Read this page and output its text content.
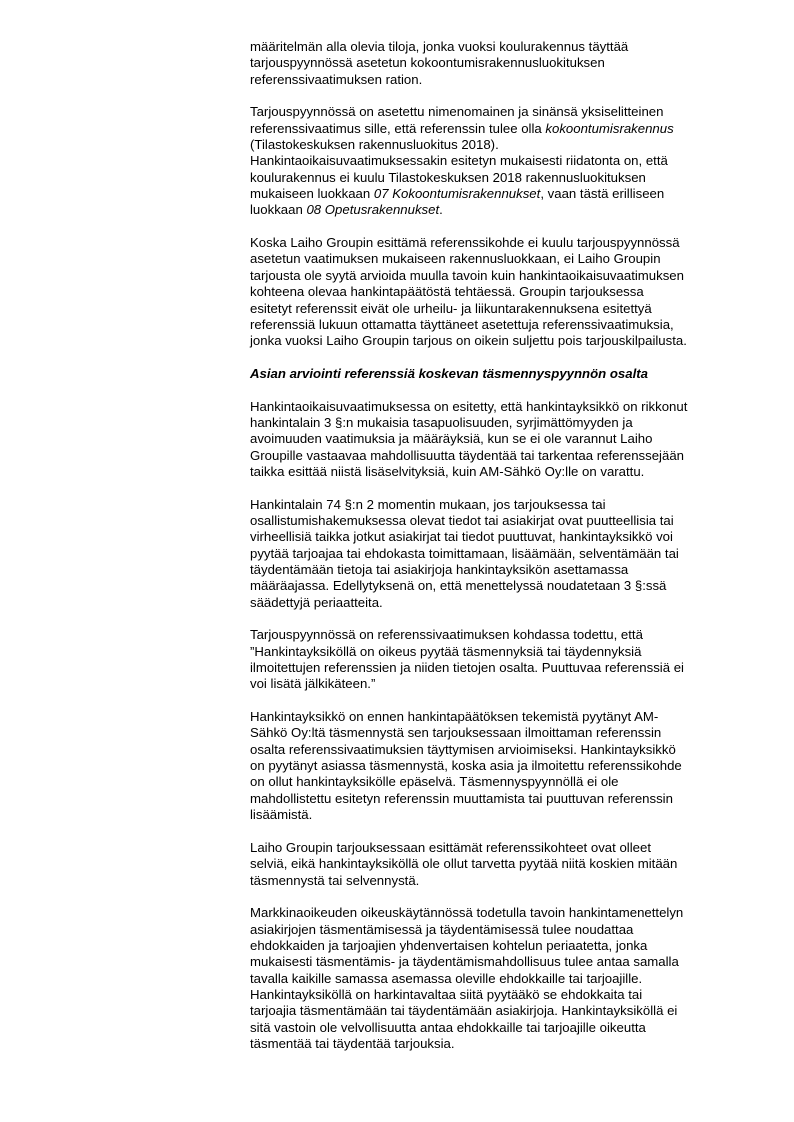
määritelmän alla olevia tiloja, jonka vuoksi koulurakennus täyttää
tarjouspyynnössä asetetun kokoontumisrakennusluokituksen
referenssivaatimuksen ration.

Tarjouspyynnössä on asetettu nimenomainen ja sinänsä yksiselitteinen
referenssivaatimus sille, että referenssin tulee olla kokoontumisrakennus
(Tilastokeskuksen rakennusluokitus 2018).
Hankintaoikaisuvaatimuksessakin esitetyn mukaisesti riidatonta on, että
koulurakennus ei kuulu Tilastokeskuksen 2018 rakennusluokituksen
mukaiseen luokkaan 07 Kokoontumisrakennukset, vaan tästä erilliseen
luokkaan 08 Opetusrakennukset.

Koska Laiho Groupin esittämä referenssikohde ei kuulu tarjouspyynnössä
asetetun vaatimuksen mukaiseen rakennusluokkaan, ei Laiho Groupin
tarjousta ole syytä arvioida muulla tavoin kuin hankintaoikaisuvaatimuksen
kohteena olevaa hankintapäätöstä tehtäessä. Groupin tarjouksessa
esitetyt referenssit eivät ole urheilu- ja liikuntarakennuksena esitettyä
referenssiä lukuun ottamatta täyttäneet asetettuja referenssivaatimuksia,
jonka vuoksi Laiho Groupin tarjous on oikein suljettu pois tarjouskilpailusta.

Asian arviointi referenssiä koskevan täsmennyspyynnön osalta

Hankintaoikaisuvaatimuksessa on esitetty, että hankintayksikkö on rikkonut
hankintalain 3 §:n mukaisia tasapuolisuuden, syrjimättömyyden ja
avoimuuden vaatimuksia ja määräyksiä, kun se ei ole varannut Laiho
Groupille vastaavaa mahdollisuutta täydentää tai tarkentaa referenssejään
taikka esittää niistä lisäselvityksiä, kuin AM-Sähkö Oy:lle on varattu.

Hankintalain 74 §:n 2 momentin mukaan, jos tarjouksessa tai
osallistumishakemuksessa olevat tiedot tai asiakirjat ovat puutteellisia tai
virheellisiä taikka jotkut asiakirjat tai tiedot puuttuvat, hankintayksikkö voi
pyytää tarjoajaa tai ehdokasta toimittamaan, lisäämään, selventämään tai
täydentämään tietoja tai asiakirjoja hankintayksikön asettamassa
määräajassa. Edellytyksenä on, että menettelyssä noudatetaan 3 §:ssä
säädettyjä periaatteita.

Tarjouspyynnössä on referenssivaatimuksen kohdassa todettu, että
”Hankintayksiköllä on oikeus pyytää täsmennyksiä tai täydennyksiä
ilmoitettujen referenssien ja niiden tietojen osalta. Puuttuvaa referenssiä ei
voi lisätä jälkikäteen.”

Hankintayksikkö on ennen hankintapäätöksen tekemistä pyytänyt AM-
Sähkö Oy:ltä täsmennystä sen tarjouksessaan ilmoittaman referenssin
osalta referenssivaatimuksien täyttymisen arvioimiseksi. Hankintayksikkö
on pyytänyt asiassa täsmennystä, koska asia ja ilmoitettu referenssikohde
on ollut hankintayksikölle epäselvä. Täsmennyspyynnöllä ei ole
mahdollistettu esitetyn referenssin muuttamista tai puuttuvan referenssin
lisäämistä.

Laiho Groupin tarjouksessaan esittämät referenssikohteet ovat olleet
selviä, eikä hankintayksiköllä ole ollut tarvetta pyytää niitä koskien mitään
täsmennystä tai selvennystä.

Markkinaoikeuden oikeuskäytännössä todetulla tavoin hankintamenettelyn
asiakirjojen täsmentämisessä ja täydentämisessä tulee noudattaa
ehdokkaiden ja tarjoajien yhdenvertaisen kohtelun periaatetta, jonka
mukaisesti täsmentämis- ja täydentämismahdollisuus tulee antaa samalla
tavalla kaikille samassa asemassa oleville ehdokkaille tai tarjoajille.
Hankintayksiköllä on harkintavaltaa siitä pyytääkö se ehdokkaita tai
tarjoajia täsmentämään tai täydentämään asiakirjoja. Hankintayksiköllä ei
sitä vastoin ole velvollisuutta antaa ehdokkaille tai tarjoajille oikeutta
täsmentää tai täydentää tarjouksia.
